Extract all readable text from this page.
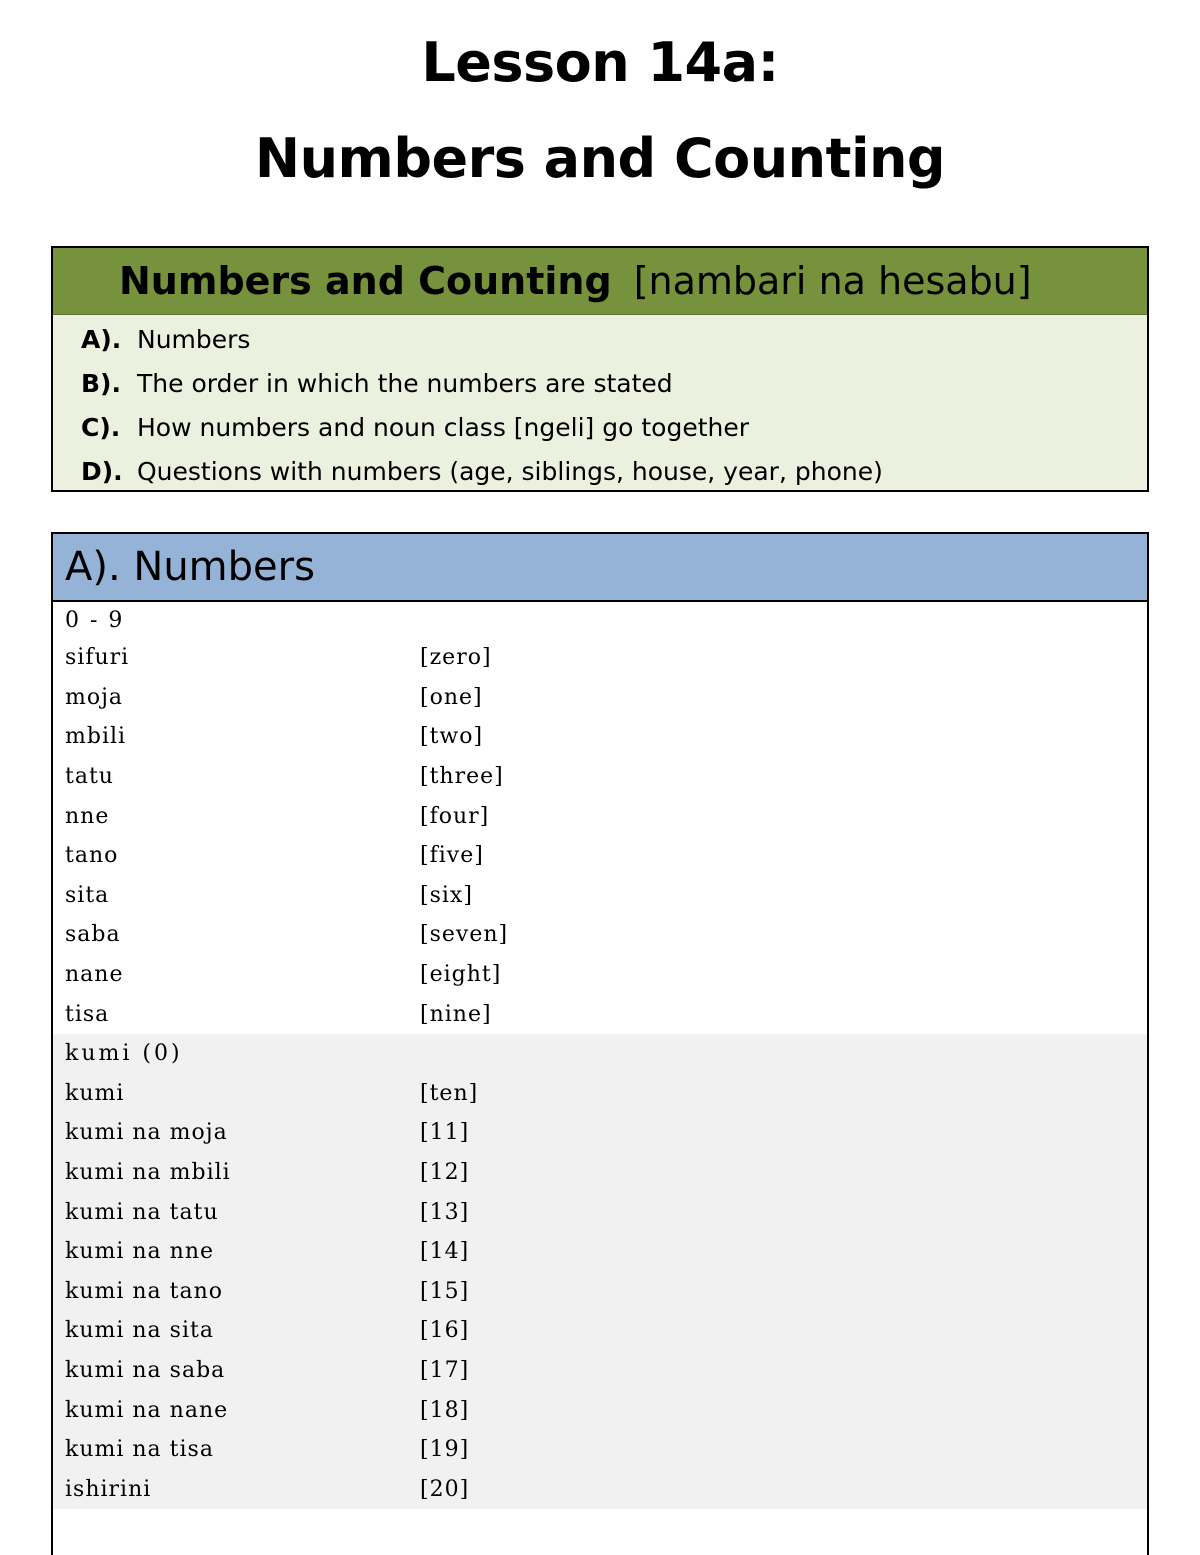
Lesson 14a:
Numbers and Counting
Numbers and Counting [nambari na hesabu]
A). Numbers
B). The order in which the numbers are stated
C). How numbers and noun class [ngeli] go together
D). Questions with numbers (age, siblings, house, year, phone)
A). Numbers
0 - 9
sifuri	[zero]
moja	[one]
mbili	[two]
tatu	[three]
nne	[four]
tano	[five]
sita	[six]
saba	[seven]
nane	[eight]
tisa	[nine]
kumi (0)
kumi	[ten]
kumi na moja	[11]
kumi na mbili	[12]
kumi na tatu	[13]
kumi na nne	[14]
kumi na tano	[15]
kumi na sita	[16]
kumi na saba	[17]
kumi na nane	[18]
kumi na tisa	[19]
ishirini	[20]
